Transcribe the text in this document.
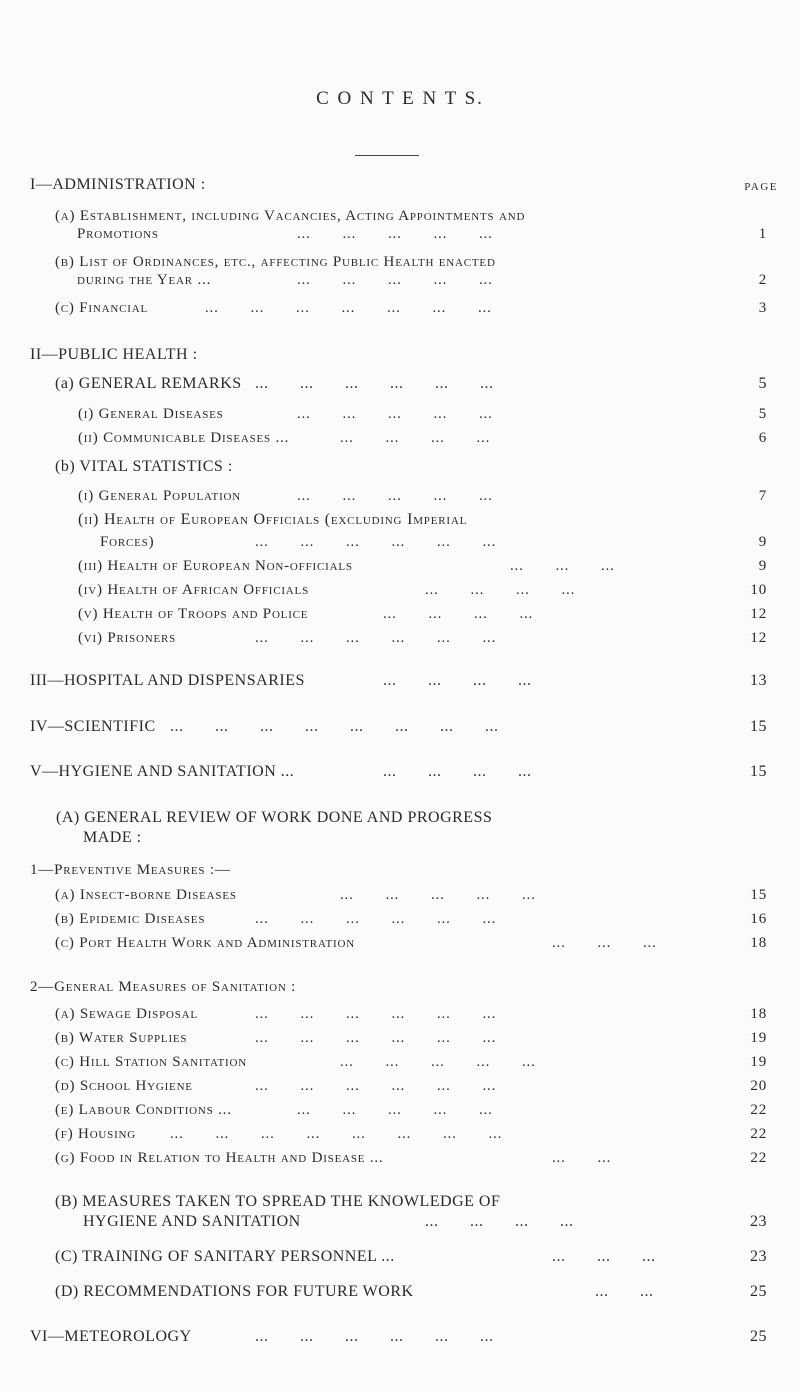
C O N T E N T S.
PAGE
I—ADMINISTRATION :
(a) Establishment, including Vacancies, Acting Appointments and
Promotions	...       ...       ...       ...       ...	1
(b) List of Ordinances, etc., affecting Public Health enacted
during the Year ...	...       ...       ...       ...       ...	2
(c) Financial	...       ...       ...       ...       ...       ...       ...	3
II—PUBLIC HEALTH :
(a) GENERAL REMARKS ...       ...       ...       ...       ...       ...	5
(i) General Diseases	...       ...       ...       ...       ...	5
(ii) Communicable Diseases ...	...       ...       ...       ...	6
(b) VITAL STATISTICS :
(i) General Population	...       ...       ...       ...       ...	7
(ii) Health of European Officials (excluding Imperial
Forces)	...       ...       ...       ...       ...       ...	9
(iii) Health of European Non-officials	...       ...       ...	9
(iv) Health of African Officials	...       ...       ...       ...	10
(v) Health of Troops and Police	...       ...       ...       ...	12
(vi) Prisoners	...       ...       ...       ...       ...       ...	12
III—HOSPITAL AND DISPENSARIES	...       ...       ...       ...	13
IV—SCIENTIFIC ...       ...       ...       ...       ...       ...       ...       ...	15
V—HYGIENE AND SANITATION ...	...       ...       ...       ...	15
(A) GENERAL REVIEW OF WORK DONE AND PROGRESS
MADE :
1—Preventive Measures :—
(a) Insect-borne Diseases	...       ...       ...       ...       ...	15
(b) Epidemic Diseases	...       ...       ...       ...       ...       ...	16
(c) Port Health Work and Administration	...       ...       ...	18
2—General Measures of Sanitation :
(a) Sewage Disposal	...       ...       ...       ...       ...       ...	18
(b) Water Supplies	...       ...       ...       ...       ...       ...	19
(c) Hill Station Sanitation	...       ...       ...       ...       ...	19
(d) School Hygiene	...       ...       ...       ...       ...       ...	20
(e) Labour Conditions ...	...       ...       ...       ...       ...	22
(f) Housing ...       ...       ...       ...       ...       ...       ...       ...	22
(g) Food in Relation to Health and Disease ...	...       ...	22
(B) MEASURES TAKEN TO SPREAD THE KNOWLEDGE OF
HYGIENE AND SANITATION	...       ...       ...       ...	23
(C) TRAINING OF SANITARY PERSONNEL ...	...       ...       ...	23
(D) RECOMMENDATIONS FOR FUTURE WORK	...       ...	25
VI—METEOROLOGY	...       ...       ...       ...       ...       ...	25
